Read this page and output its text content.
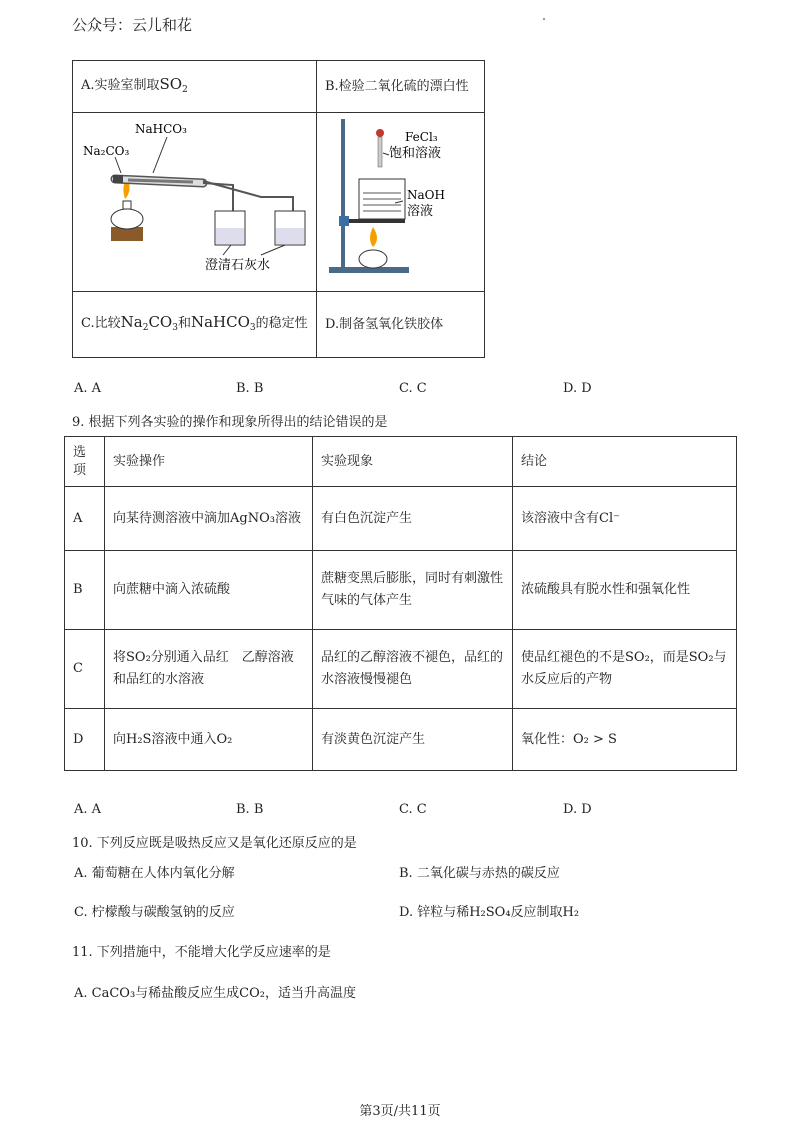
公众号：云儿和花
A.实验室制取$SO_2$	B.检验二氧化硫的漂白性

NaHCO₃
Na₂CO₃
澄清石灰水	FeCl₃
饱和溶液
NaOH
溶液

C.比较$Na_2CO_3$和NaHCO$_3$的稳定性	D.制备氢氧化铁胶体
A. A	B. B	C. C	D. D
9. 根据下列各实验的操作和现象所得出的结论错误的是
选项	实验操作	实验现象	结论
A	向某待测溶液中滴加AgNO₃溶液	有白色沉淀产生	该溶液中含有Cl⁻
B	向蔗糖中滴入浓硫酸	蔗糖变黑后膨胀，同时有刺激性气味的气体产生	浓硫酸具有脱水性和强氧化性
C	将SO₂分别通入品红　乙醇溶液和品红的水溶液	品红的乙醇溶液不褪色，品红的水溶液慢慢褪色	使品红褪色的不是SO₂，而是SO₂与水反应后的产物
D	向H₂S溶液中通入O₂	有淡黄色沉淀产生	氧化性：O₂ > S
A. A	B. B	C. C	D. D
10. 下列反应既是吸热反应又是氧化还原反应的是
A. 葡萄糖在人体内氧化分解	B. 二氧化碳与赤热的碳反应
C. 柠檬酸与碳酸氢钠的反应	D. 锌粒与稀H₂SO₄反应制取H₂
11. 下列措施中，不能增大化学反应速率的是
A. CaCO₃与稀盐酸反应生成CO₂，适当升高温度
第3页/共11页
